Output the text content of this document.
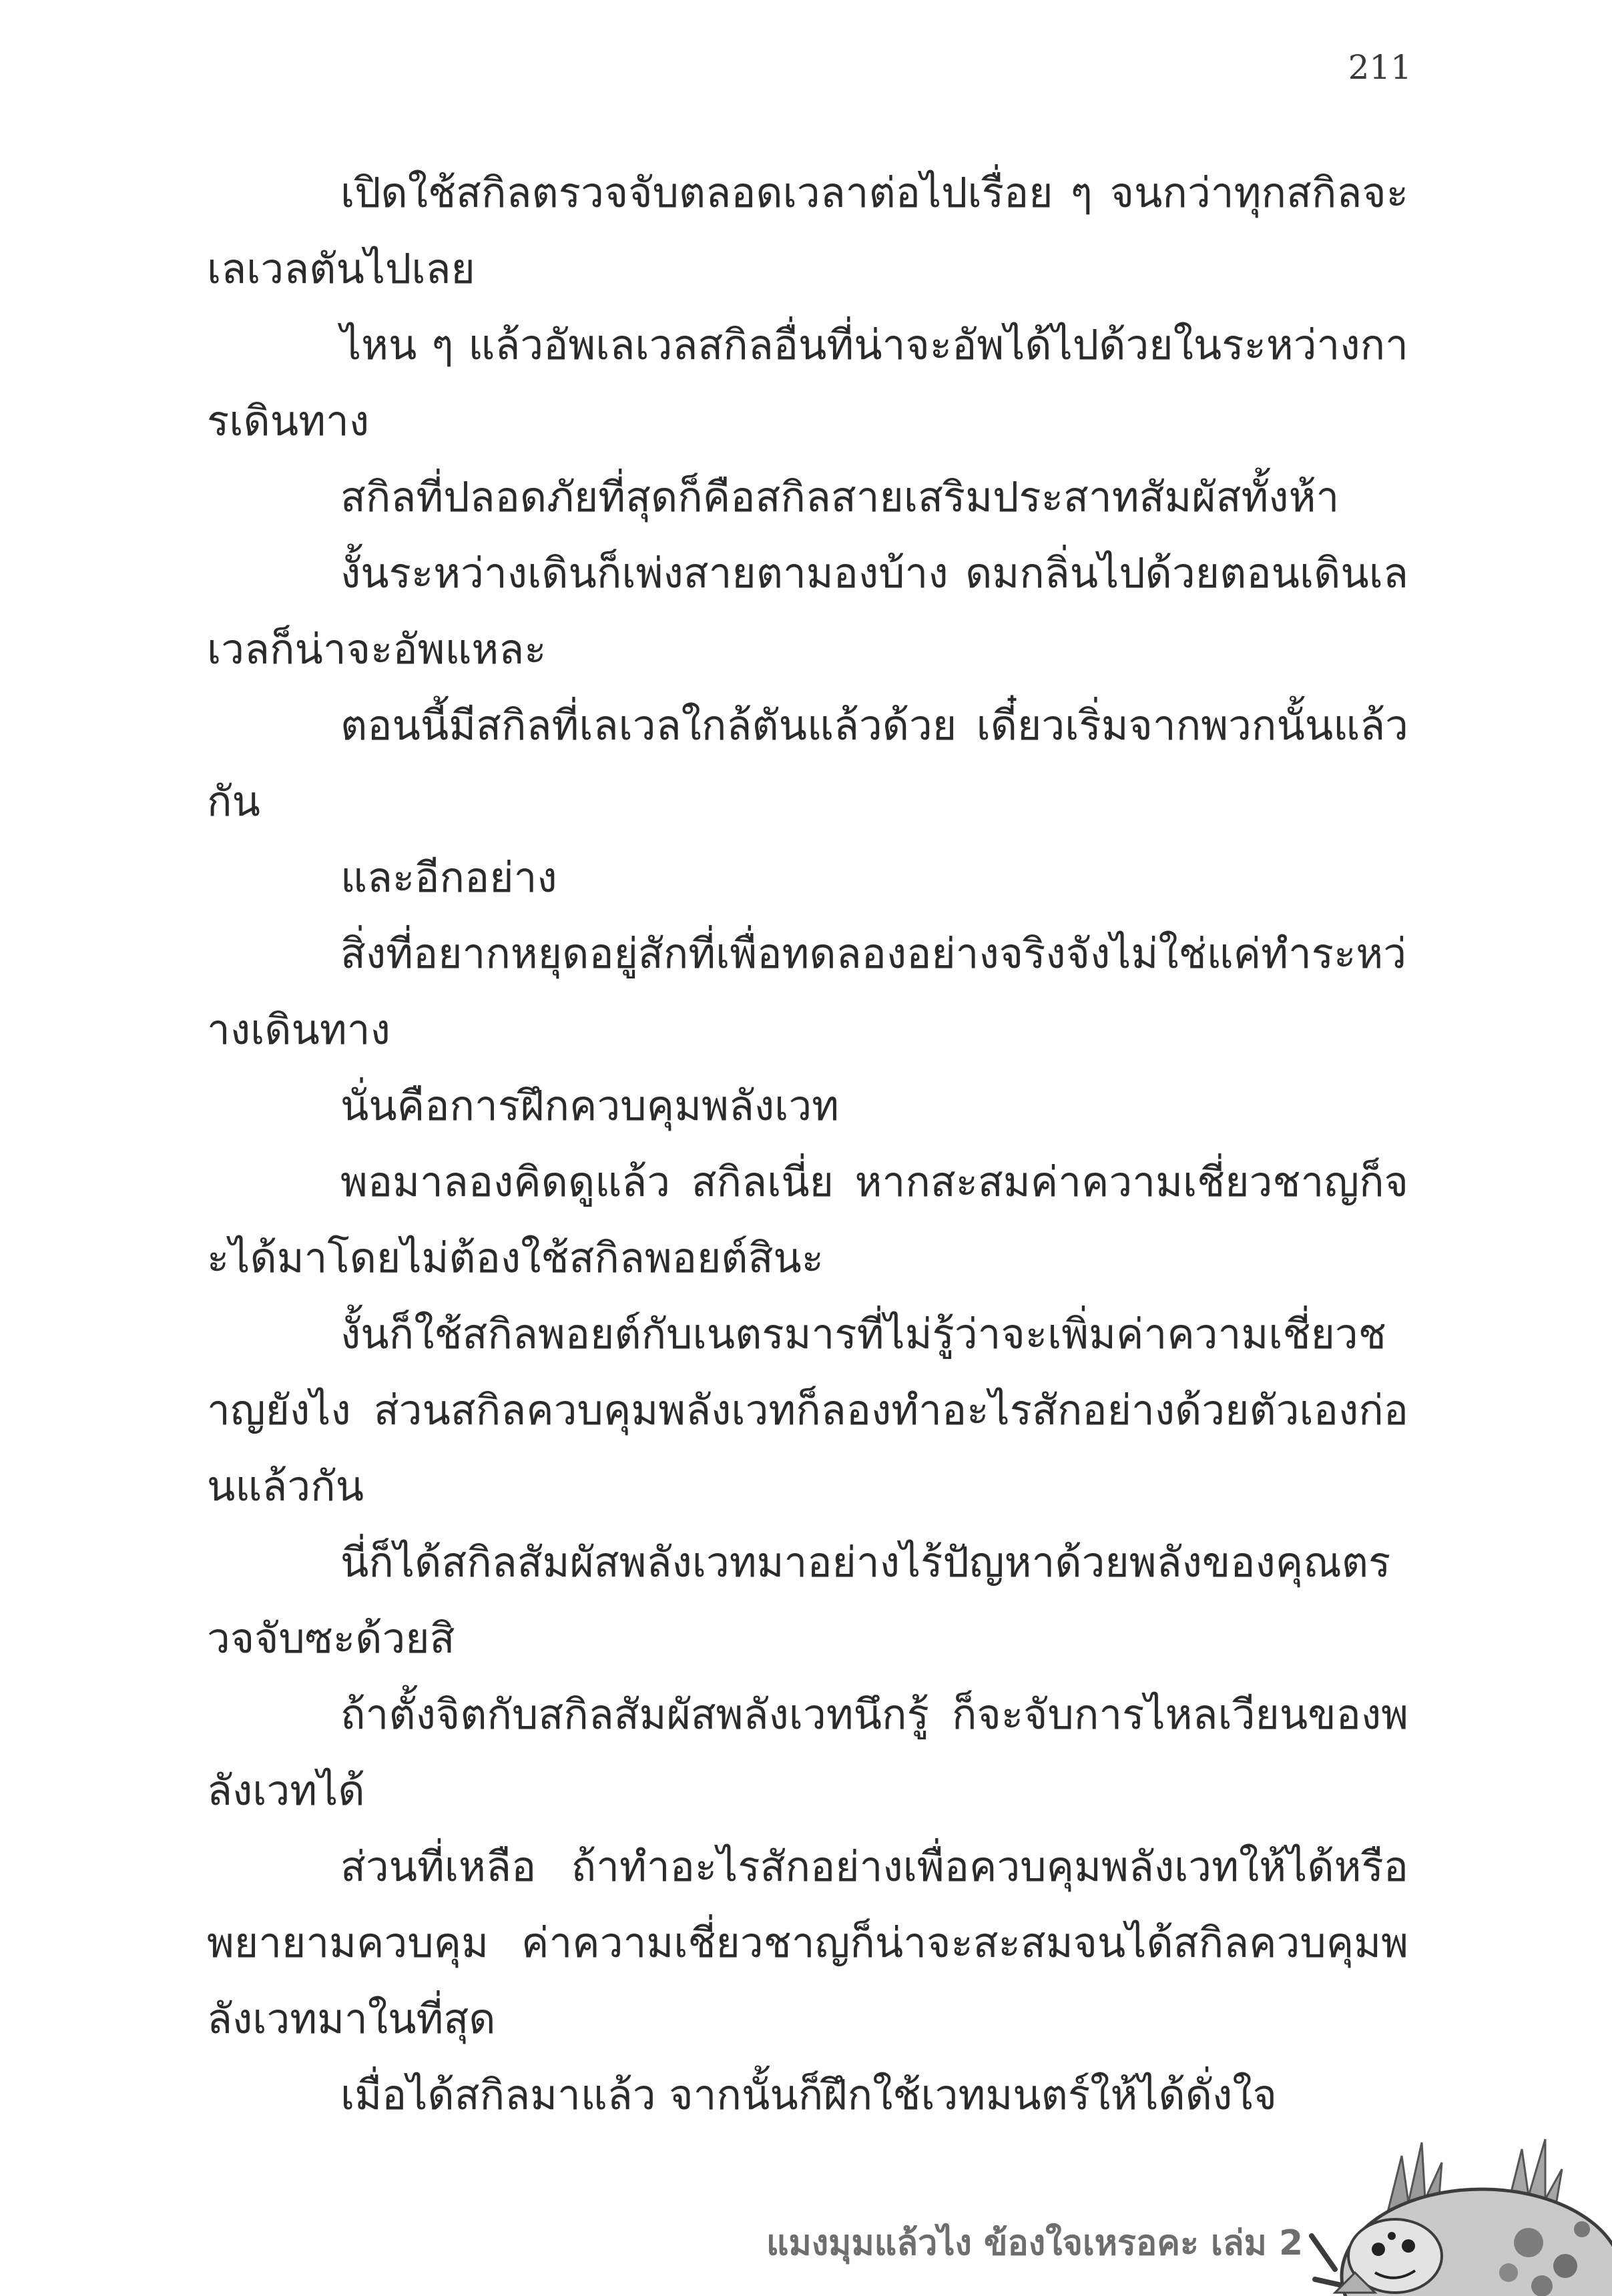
211

เปิดใช้สกิลตรวจจับตลอดเวลาต่อไปเรื่อย ๆ จนกว่าทุกสกิลจะเลเวลตันไปเลย

ไหน ๆ แล้วอัพเลเวลสกิลอื่นที่น่าจะอัพได้ไปด้วยในระหว่างการเดินทาง

สกิลที่ปลอดภัยที่สุดก็คือสกิลสายเสริมประสาทสัมผัสทั้งห้า

งั้นระหว่างเดินก็เพ่งสายตามองบ้าง ดมกลิ่นไปด้วยตอนเดินเลเวลก็น่าจะอัพแหละ

ตอนนี้มีสกิลที่เลเวลใกล้ตันแล้วด้วย เดี๋ยวเริ่มจากพวกนั้นแล้วกัน

และอีกอย่าง

สิ่งที่อยากหยุดอยู่สักที่เพื่อทดลองอย่างจริงจังไม่ใช่แค่ทำระหว่างเดินทาง

นั่นคือการฝึกควบคุมพลังเวท

พอมาลองคิดดูแล้ว สกิลเนี่ย หากสะสมค่าความเชี่ยวชาญก็จะได้มาโดยไม่ต้องใช้สกิลพอยต์สินะ

งั้นก็ใช้สกิลพอยต์กับเนตรมารที่ไม่รู้ว่าจะเพิ่มค่าความเชี่ยวชาญยังไง ส่วนสกิลควบคุมพลังเวทก็ลองทำอะไรสักอย่างด้วยตัวเองก่อนแล้วกัน

นี่ก็ได้สกิลสัมผัสพลังเวทมาอย่างไร้ปัญหาด้วยพลังของคุณตรวจจับซะด้วยสิ

ถ้าตั้งจิตกับสกิลสัมผัสพลังเวทนึกรู้ ก็จะจับการไหลเวียนของพลังเวทได้

ส่วนที่เหลือ ถ้าทำอะไรสักอย่างเพื่อควบคุมพลังเวทให้ได้หรือพยายามควบคุม ค่าความเชี่ยวชาญก็น่าจะสะสมจนได้สกิลควบคุมพลังเวทมาในที่สุด

เมื่อได้สกิลมาแล้ว จากนั้นก็ฝึกใช้เวทมนตร์ให้ได้ดั่งใจ

แมงมุมแล้วไง ข้องใจเหรอคะ เล่ม 2
